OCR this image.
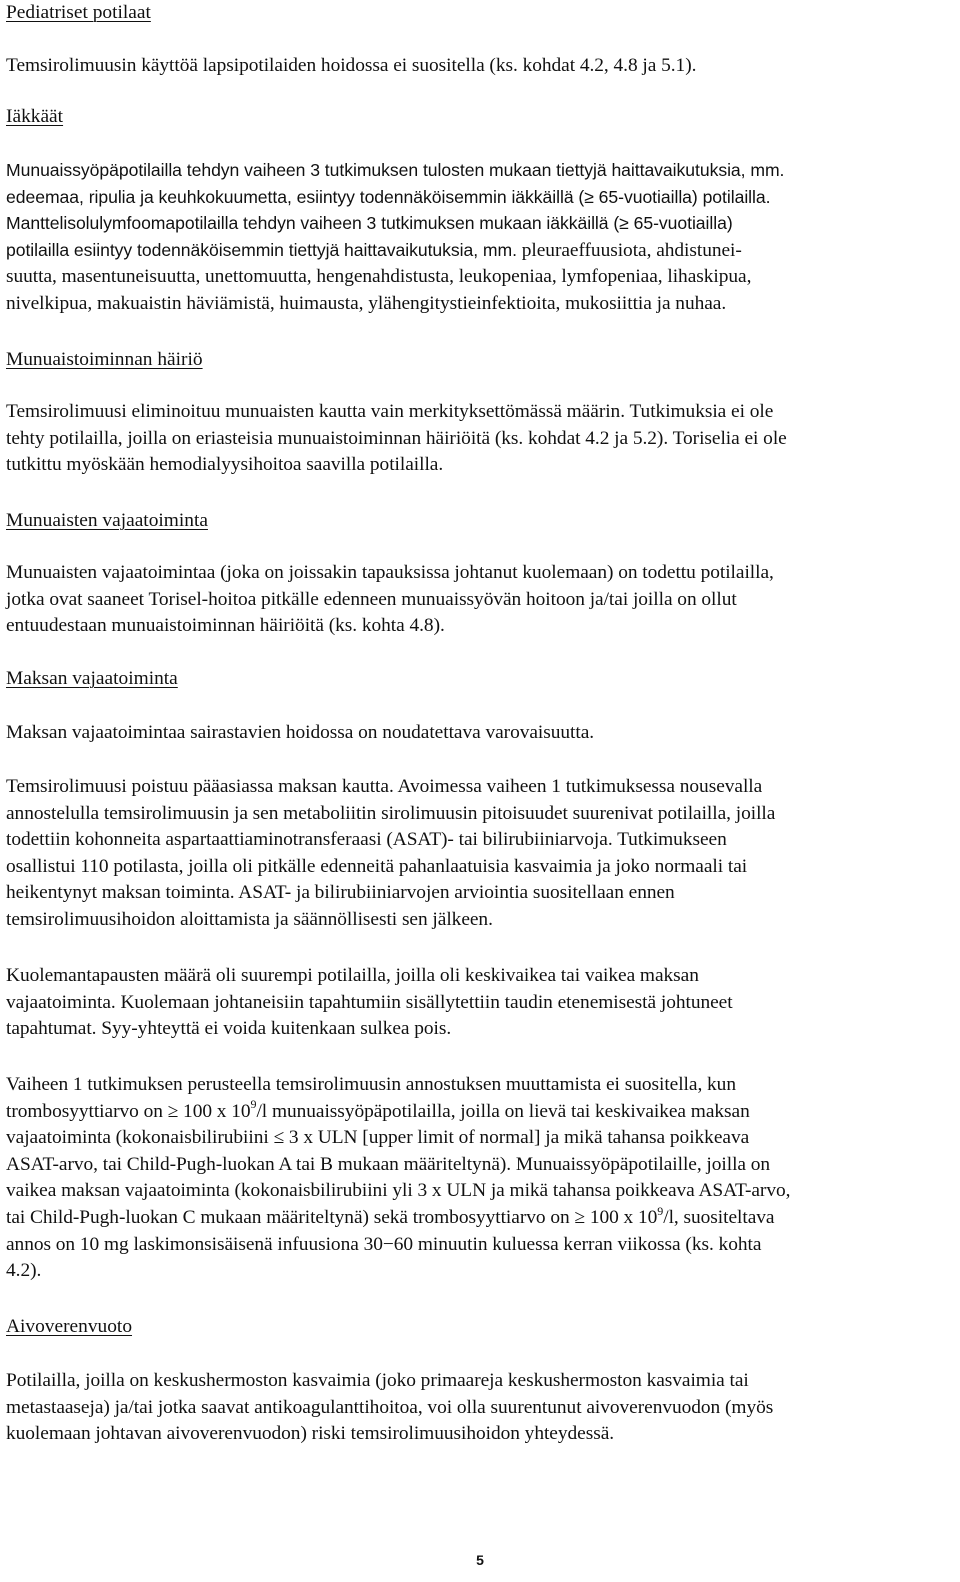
Pediatriset potilaat

Temsirolimuusin käyttöä lapsipotilaiden hoidossa ei suositella (ks. kohdat 4.2, 4.8 ja 5.1).

Iäkkäät

Munuaissyöpäpotilailla tehdyn vaiheen 3 tutkimuksen tulosten mukaan tiettyjä haittavaikutuksia, mm.

edeemaa, ripulia ja keuhkokuumetta, esiintyy todennäköisemmin iäkkäillä (≥ 65-vuotiailla) potilailla.

Manttelisolulymfoomapotilailla tehdyn vaiheen 3 tutkimuksen mukaan iäkkäillä (≥ 65-vuotiailla)

potilailla esiintyy todennäköisemmin tiettyjä haittavaikutuksia, mm. pleuraeffuusiota, ahdistunei-

suutta, masentuneisuutta, unettomuutta, hengenahdistusta, leukopeniaa, lymfopeniaa, lihaskipua,

nivelkipua, makuaistin häviämistä, huimausta, ylähengitystieinfektioita, mukosiittia ja nuhaa.

Munuaistoiminnan häiriö

Temsirolimuusi eliminoituu munuaisten kautta vain merkityksettömässä määrin. Tutkimuksia ei ole

tehty potilailla, joilla on eriasteisia munuaistoiminnan häiriöitä (ks. kohdat 4.2 ja 5.2). Toriselia ei ole

tutkittu myöskään hemodialyysihoitoa saavilla potilailla.

Munuaisten vajaatoiminta

Munuaisten vajaatoimintaa (joka on joissakin tapauksissa johtanut kuolemaan) on todettu potilailla,

jotka ovat saaneet Torisel-hoitoa pitkälle edenneen munuaissyövän hoitoon ja/tai joilla on ollut

entuudestaan munuaistoiminnan häiriöitä (ks. kohta 4.8).

Maksan vajaatoiminta

Maksan vajaatoimintaa sairastavien hoidossa on noudatettava varovaisuutta.

Temsirolimuusi poistuu pääasiassa maksan kautta. Avoimessa vaiheen 1 tutkimuksessa nousevalla

annostelulla temsirolimuusin ja sen metaboliitin sirolimuusin pitoisuudet suurenivat potilailla, joilla

todettiin kohonneita aspartaattiaminotransferaasi (ASAT)- tai bilirubiiniarvoja. Tutkimukseen

osallistui 110 potilasta, joilla oli pitkälle edenneitä pahanlaatuisia kasvaimia ja joko normaali tai

heikentynyt maksan toiminta. ASAT- ja bilirubiiniarvojen arviointia suositellaan ennen

temsirolimuusihoidon aloittamista ja säännöllisesti sen jälkeen.

Kuolemantapausten määrä oli suurempi potilailla, joilla oli keskivaikea tai vaikea maksan

vajaatoiminta. Kuolemaan johtaneisiin tapahtumiin sisällytettiin taudin etenemisestä johtuneet

tapahtumat. Syy-yhteyttä ei voida kuitenkaan sulkea pois.

Vaiheen 1 tutkimuksen perusteella temsirolimuusin annostuksen muuttamista ei suositella, kun

trombosyyttiarvo on ≥ 100 x $10^9/l$ munuaissyöpäpotilailla, joilla on lievä tai keskivaikea maksan

vajaatoiminta (kokonaisbilirubiini ≤ 3 x ULN [upper limit of normal] ja mikä tahansa poikkeava

ASAT-arvo, tai Child-Pugh-luokan A tai B mukaan määriteltynä). Munuaissyöpäpotilaille, joilla on

vaikea maksan vajaatoiminta (kokonaisbilirubiini yli 3 x ULN ja mikä tahansa poikkeava ASAT-arvo,

tai Child-Pugh-luokan C mukaan määriteltynä) sekä trombosyyttiarvo on ≥ 100 x $10^9/l$, suositeltava

annos on 10 mg laskimonsisäisenä infuusiona 30−60 minuutin kuluessa kerran viikossa (ks. kohta

4.2).

Aivoverenvuoto

Potilailla, joilla on keskushermoston kasvaimia (joko primaareja keskushermoston kasvaimia tai

metastaaseja) ja/tai jotka saavat antikoagulanttihoitoa, voi olla suurentunut aivoverenvuodon (myös

kuolemaan johtavan aivoverenvuodon) riski temsirolimuusihoidon yhteydessä.

5
